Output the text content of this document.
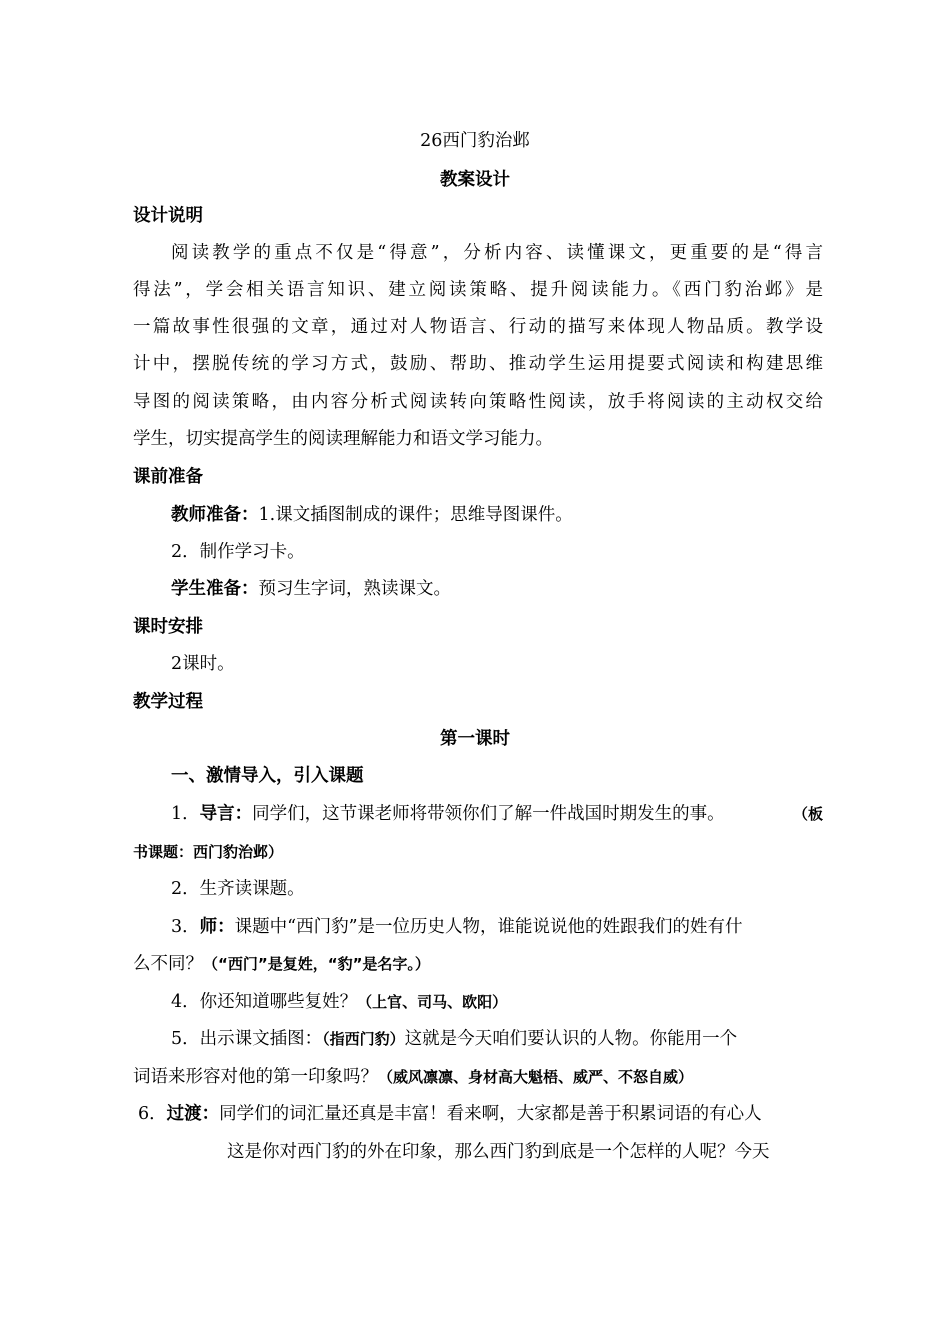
26西门豹治邺
教案设计
设计说明
阅读教学的重点不仅是“得意”，分析内容、读懂课文，更重要的是“得言
得法”，学会相关语言知识、建立阅读策略、提升阅读能力。《西门豹治邺》是
一篇故事性很强的文章，通过对人物语言、行动的描写来体现人物品质。教学设
计中，摆脱传统的学习方式，鼓励、帮助、推动学生运用提要式阅读和构建思维
导图的阅读策略，由内容分析式阅读转向策略性阅读，放手将阅读的主动权交给
学生，切实提高学生的阅读理解能力和语文学习能力。
课前准备
教师准备：1.课文插图制成的课件；思维导图课件。
2．制作学习卡。
学生准备：预习生字词，熟读课文。
课时安排
2课时。
教学过程
第一课时
一、激情导入，引入课题
1．导言：同学们，这节课老师将带领你们了解一件战国时期发生的事。	（板
书课题：西门豹治邺）
2．生齐读课题。
3．师：课题中“西门豹”是一位历史人物，谁能说说他的姓跟我们的姓有什
么不同？（“西门”是复姓，“豹”是名字。）
4．你还知道哪些复姓？（上官、司马、欧阳）
5．出示课文插图：（指西门豹）这就是今天咱们要认识的人物。你能用一个
词语来形容对他的第一印象吗？（威风凛凛、身材高大魁梧、威严、不怒自威）
6．过渡：同学们的词汇量还真是丰富！看来啊，大家都是善于积累词语的有心人
这是你对西门豹的外在印象，那么西门豹到底是一个怎样的人呢？今天
